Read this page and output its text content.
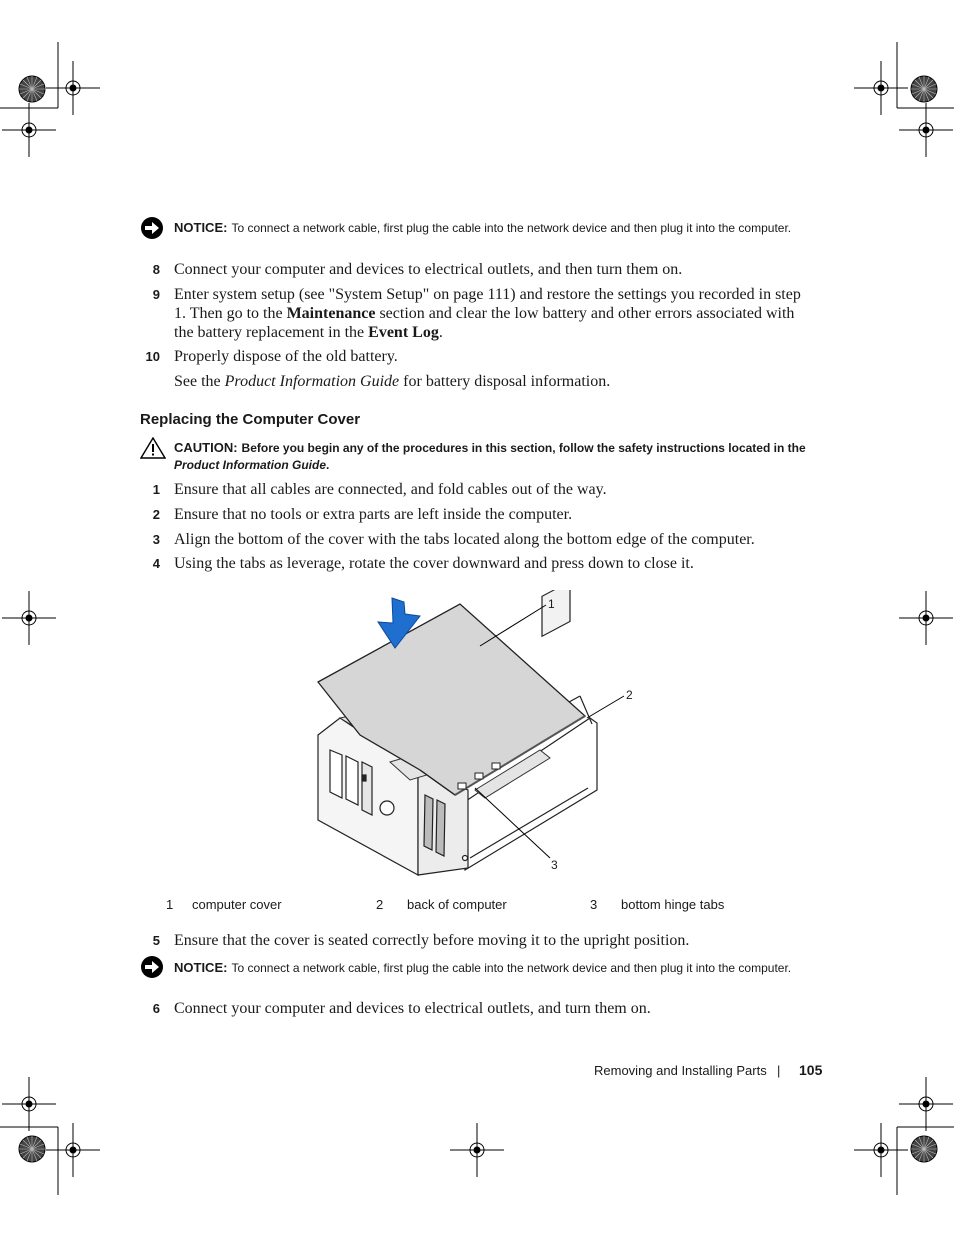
NOTICE: To connect a network cable, first plug the cable into the network device and then plug it into the computer.
8 Connect your computer and devices to electrical outlets, and then turn them on.
9 Enter system setup (see "System Setup" on page 111) and restore the settings you recorded in step 1. Then go to the Maintenance section and clear the low battery and other errors associated with the battery replacement in the Event Log.
10 Properly dispose of the old battery.
See the Product Information Guide for battery disposal information.
Replacing the Computer Cover
CAUTION: Before you begin any of the procedures in this section, follow the safety instructions located in the
Product Information Guide.
1 Ensure that all cables are connected, and fold cables out of the way.
2 Ensure that no tools or extra parts are left inside the computer.
3 Align the bottom of the cover with the tabs located along the bottom edge of the computer.
4 Using the tabs as leverage, rotate the cover downward and press down to close it.
1
2
3
1 computer cover	2 back of computer	3 bottom hinge tabs
5 Ensure that the cover is seated correctly before moving it to the upright position.
NOTICE: To connect a network cable, first plug the cable into the network device and then plug it into the computer.
6 Connect your computer and devices to electrical outlets, and turn them on.
Removing and Installing Parts | 105
